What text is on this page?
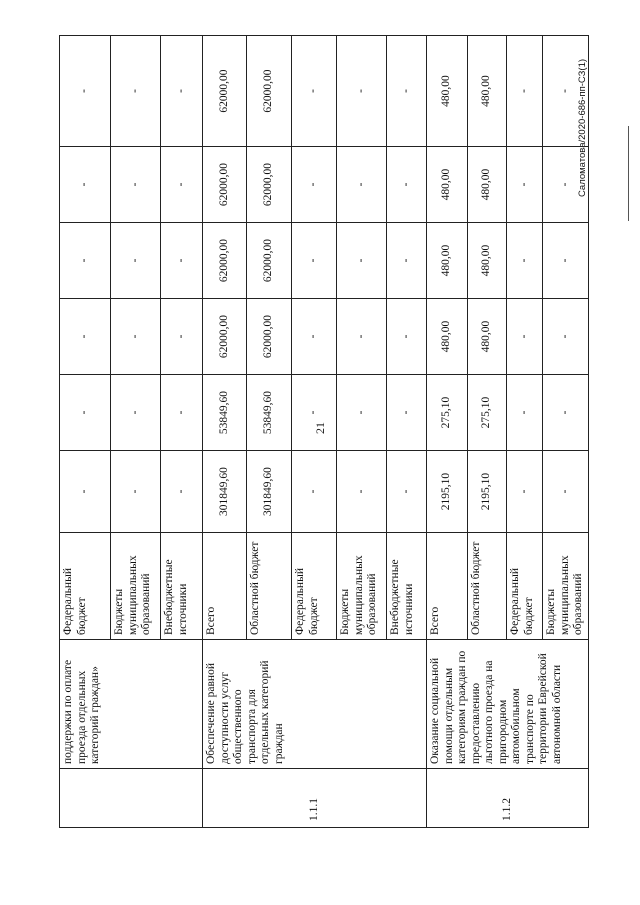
21
Саломатова/2020-686-пп-СЗ(1)
	поддержки по оплате проезда отдельных категорий граждан»	Федеральный бюджет	-	-	-	-	-	-
		Бюджеты муниципальных образований	-	-	-	-	-	-
		Внебюджетные источники	-	-	-	-	-	-
1.1.1	Обеспечение равной доступности услуг общественного транспорта для отдельных категорий граждан	Всего	301849,60	53849,60	62000,00	62000,00	62000,00	62000,00
		Областной бюджет	301849,60	53849,60	62000,00	62000,00	62000,00	62000,00
		Федеральный бюджет	-	-	-	-	-	-
		Бюджеты муниципальных образований	-	-	-	-	-	-
		Внебюджетные источники	-	-	-	-	-	-
1.1.2	Оказание социальной помощи отдельным категориям граждан по предоставлению льготного проезда на пригородном автомобильном транспорте по территории Еврейской автономной области	Всего	2195,10	275,10	480,00	480,00	480,00	480,00
		Областной бюджет	2195,10	275,10	480,00	480,00	480,00	480,00
		Федеральный бюджет	-	-	-	-	-	-
		Бюджеты муниципальных образований	-	-	-	-	-	-
